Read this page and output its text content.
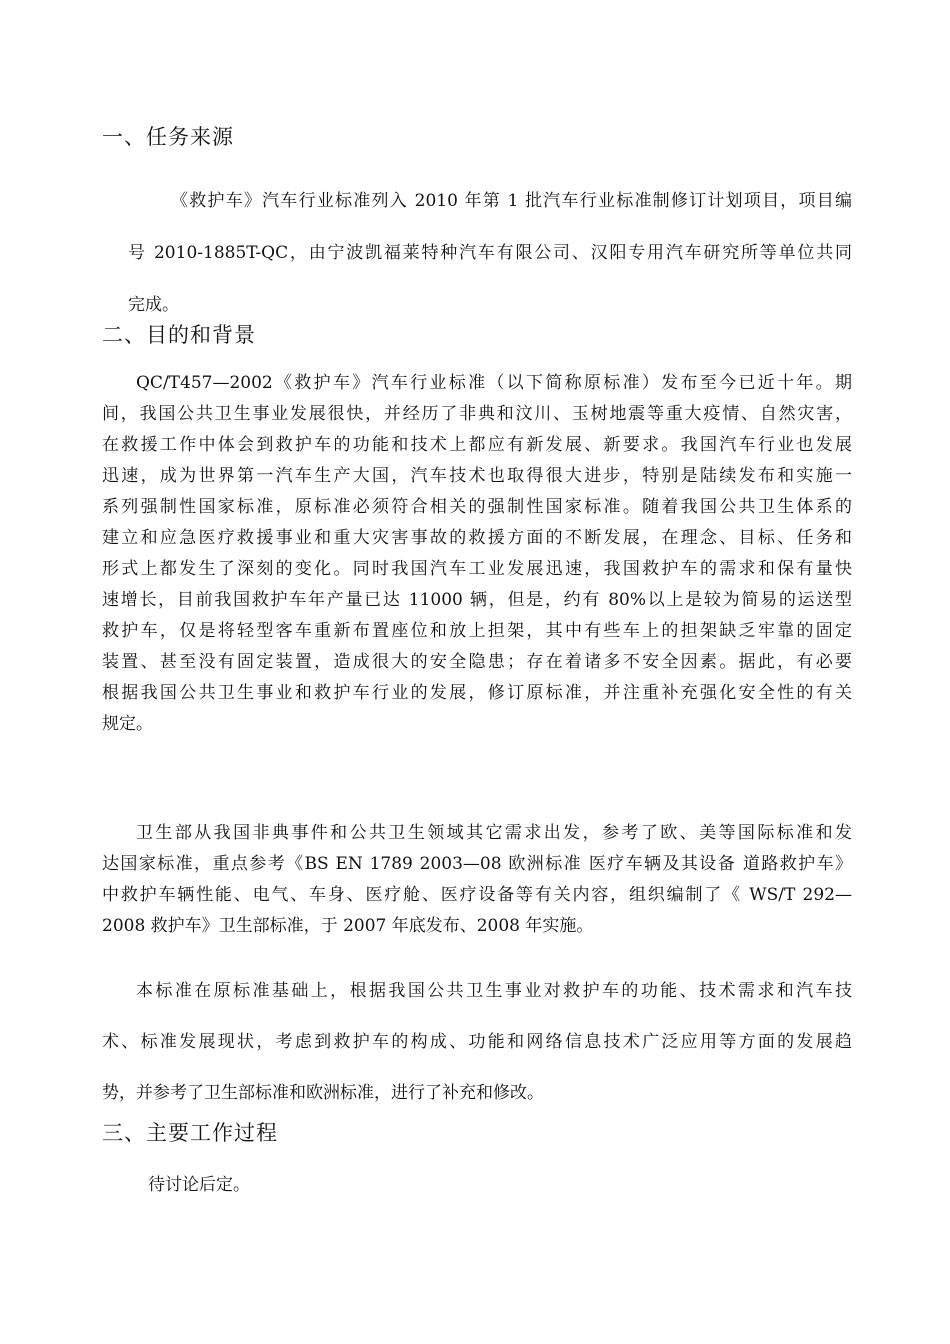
一、任务来源
《救护车》汽车行业标准列入 2010 年第 1 批汽车行业标准制修订计划项目，项目编
号 2010-1885T-QC，由宁波凯福莱特种汽车有限公司、汉阳专用汽车研究所等单位共同
完成。
二、目的和背景
QC/T457—2002《救护车》汽车行业标准（以下简称原标准）发布至今已近十年。期
间，我国公共卫生事业发展很快，并经历了非典和汶川、玉树地震等重大疫情、自然灾害，
在救援工作中体会到救护车的功能和技术上都应有新发展、新要求。我国汽车行业也发展
迅速，成为世界第一汽车生产大国，汽车技术也取得很大进步，特别是陆续发布和实施一
系列强制性国家标准，原标准必须符合相关的强制性国家标准。随着我国公共卫生体系的
建立和应急医疗救援事业和重大灾害事故的救援方面的不断发展，在理念、目标、任务和
形式上都发生了深刻的变化。同时我国汽车工业发展迅速，我国救护车的需求和保有量快
速增长，目前我国救护车年产量已达 11000 辆，但是，约有 80%以上是较为简易的运送型
救护车，仅是将轻型客车重新布置座位和放上担架，其中有些车上的担架缺乏牢靠的固定
装置、甚至没有固定装置，造成很大的安全隐患；存在着诸多不安全因素。据此，有必要
根据我国公共卫生事业和救护车行业的发展，修订原标准，并注重补充强化安全性的有关
规定。
卫生部从我国非典事件和公共卫生领域其它需求出发，参考了欧、美等国际标准和发
达国家标准，重点参考《BS EN 1789 2003—08 欧洲标准 医疗车辆及其设备 道路救护车》
中救护车辆性能、电气、车身、医疗舱、医疗设备等有关内容，组织编制了《 WS/T 292—
2008 救护车》卫生部标准，于 2007 年底发布、2008 年实施。
本标准在原标准基础上，根据我国公共卫生事业对救护车的功能、技术需求和汽车技
术、标准发展现状，考虑到救护车的构成、功能和网络信息技术广泛应用等方面的发展趋
势，并参考了卫生部标准和欧洲标准，进行了补充和修改。
三、主要工作过程
待讨论后定。
